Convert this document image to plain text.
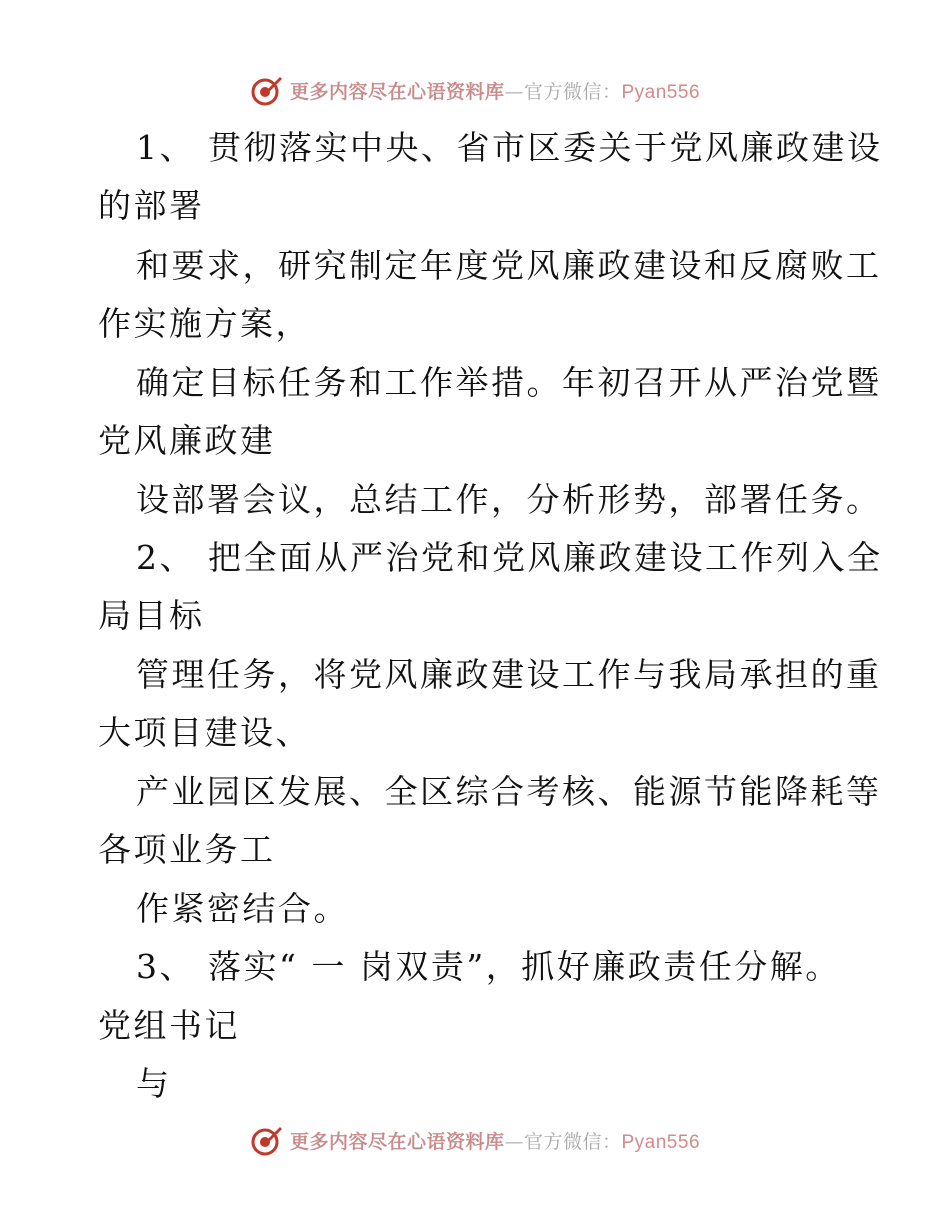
更多内容尽在心语资料库—官方微信：Pyan556
1、 贯彻落实中央、省市区委关于党风廉政建设
的部署
和要求，研究制定年度党风廉政建设和反腐败工
作实施方案，
确定目标任务和工作举措。年初召开从严治党暨
党风廉政建
设部署会议，总结工作，分析形势，部署任务。
2、 把全面从严治党和党风廉政建设工作列入全
局目标
管理任务，将党风廉政建设工作与我局承担的重
大项目建设、
产业园区发展、全区综合考核、能源节能降耗等
各项业务工
作紧密结合。
3、 落实“ 一 岗双责”，抓好廉政责任分解。
党组书记
与
更多内容尽在心语资料库—官方微信：Pyan556
